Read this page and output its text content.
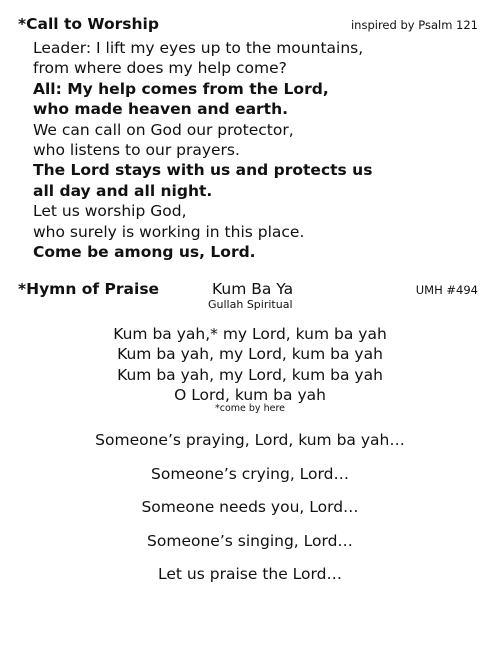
*Call to Worship	inspired by Psalm 121
Leader: I lift my eyes up to the mountains,
from where does my help come?
All: My help comes from the Lord,
who made heaven and earth.
We can call on God our protector,
who listens to our prayers.
The Lord stays with us and protects us
all day and all night.
Let us worship God,
who surely is working in this place.
Come be among us, Lord.
*Hymn of Praise	Kum Ba Ya
Gullah Spiritual
UMH #494
Kum ba yah,* my Lord, kum ba yah
Kum ba yah, my Lord, kum ba yah
Kum ba yah, my Lord, kum ba yah
O Lord, kum ba yah
*come by here
Someone’s praying, Lord, kum ba yah…
Someone’s crying, Lord…
Someone needs you, Lord…
Someone’s singing, Lord…
Let us praise the Lord…
